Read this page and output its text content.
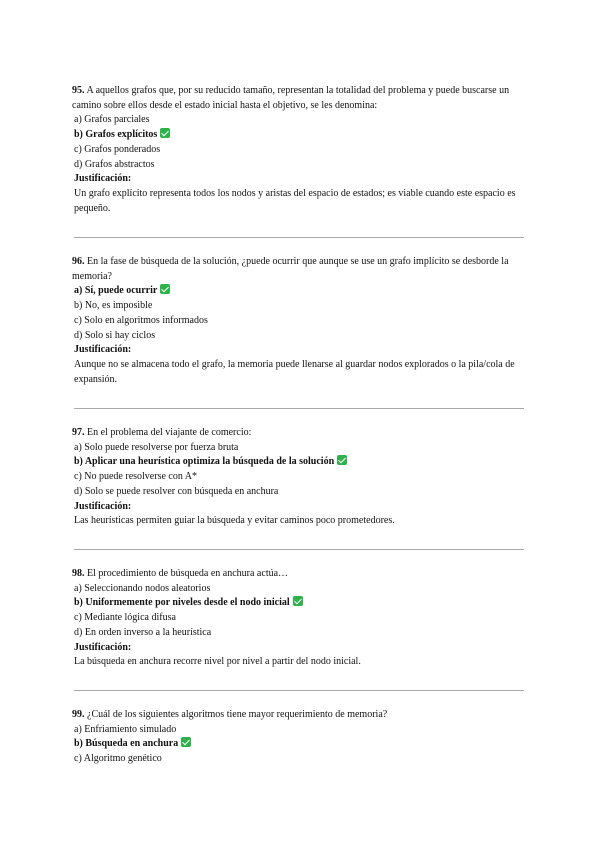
95. A aquellos grafos que, por su reducido tamaño, representan la totalidad del problema y puede buscarse un camino sobre ellos desde el estado inicial hasta el objetivo, se les denomina:

a) Grafos parciales

b) Grafos explícitos

c) Grafos ponderados

d) Grafos abstractos

Justificación:

Un grafo explícito representa todos los nodos y aristas del espacio de estados; es viable cuando este espacio es pequeño.

96. En la fase de búsqueda de la solución, ¿puede ocurrir que aunque se use un grafo implícito se desborde la memoria?

a) Sí, puede ocurrir

b) No, es imposible

c) Solo en algoritmos informados

d) Solo si hay ciclos

Justificación:

Aunque no se almacena todo el grafo, la memoria puede llenarse al guardar nodos explorados o la pila/cola de expansión.

97. En el problema del viajante de comercio:

a) Solo puede resolverse por fuerza bruta

b) Aplicar una heurística optimiza la búsqueda de la solución

c) No puede resolverse con A*

d) Solo se puede resolver con búsqueda en anchura

Justificación:

Las heurísticas permiten guiar la búsqueda y evitar caminos poco prometedores.

98. El procedimiento de búsqueda en anchura actúa…

a) Seleccionando nodos aleatorios

b) Uniformemente por niveles desde el nodo inicial

c) Mediante lógica difusa

d) En orden inverso a la heurística

Justificación:

La búsqueda en anchura recorre nivel por nivel a partir del nodo inicial.

99. ¿Cuál de los siguientes algoritmos tiene mayor requerimiento de memoria?

a) Enfriamiento simulado

b) Búsqueda en anchura

c) Algoritmo genético
